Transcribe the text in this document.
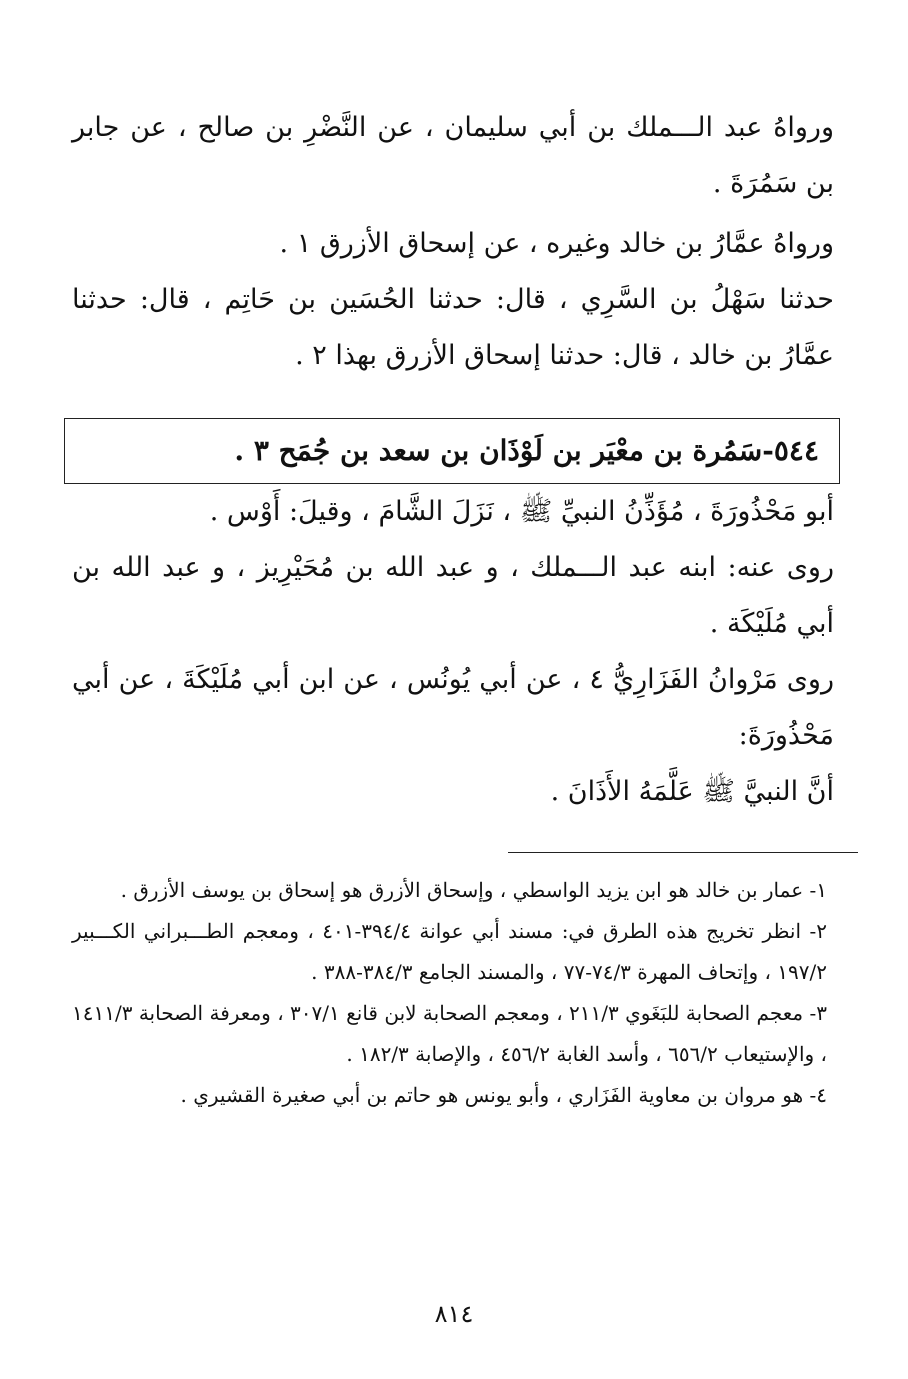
ورواهُ عبد الـــملك بن أبي سليمان ، عن النَّضْرِ بن صالح ، عن جابر بن سَمُرَةَ .

ورواهُ عمَّارُ بن خالد وغيره ، عن إسحاق الأزرق ١ .

حدثنا سَهْلُ بن السَّرِي ، قال: حدثنا الحُسَين بن حَاتِم ، قال: حدثنا عمَّارُ بن خالد ، قال: حدثنا إسحاق الأزرق بهذا ٢ .

٥٤٤-سَمُرة بن معْيَر بن لَوْذَان بن سعد بن جُمَح ٣ .

أبو مَحْذُورَةَ ، مُؤَذِّنُ النبيِّ ﷺ ، نَزَلَ الشَّامَ ، وقيلَ: أَوْس .

روى عنه: ابنه عبد الـــملك ، و عبد الله بن مُحَيْرِيز ، و عبد الله بن أبي مُلَيْكَة .

روى مَرْوانُ الفَزَارِيُّ ٤ ، عن أبي يُونُس ، عن ابن أبي مُلَيْكَةَ ، عن أبي مَحْذُورَةَ:

أنَّ النبيَّ ﷺ عَلَّمَهُ الأَذَانَ .

١- عمار بن خالد هو ابن يزيد الواسطي ، وإسحاق الأزرق هو إسحاق بن يوسف الأزرق .

٢- انظر تخريج هذه الطرق في: مسند أبي عوانة ٣٩٤/٤-٤٠١ ، ومعجم الطـــبراني الكـــبير ١٩٧/٢ ، وإتحاف المهرة ٧٤/٣-٧٧ ، والمسند الجامع ٣٨٤/٣-٣٨٨ .

٣- معجم الصحابة للبَغَوي ٢١١/٣ ، ومعجم الصحابة لابن قانع ٣٠٧/١ ، ومعرفة الصحابة ١٤١١/٣ ، والإستيعاب ٦٥٦/٢ ، وأسد الغابة ٤٥٦/٢ ، والإصابة ١٨٢/٣ .

٤- هو مروان بن معاوية الفَزَاري ، وأبو يونس هو حاتم بن أبي صغيرة القشيري .

٨١٤
